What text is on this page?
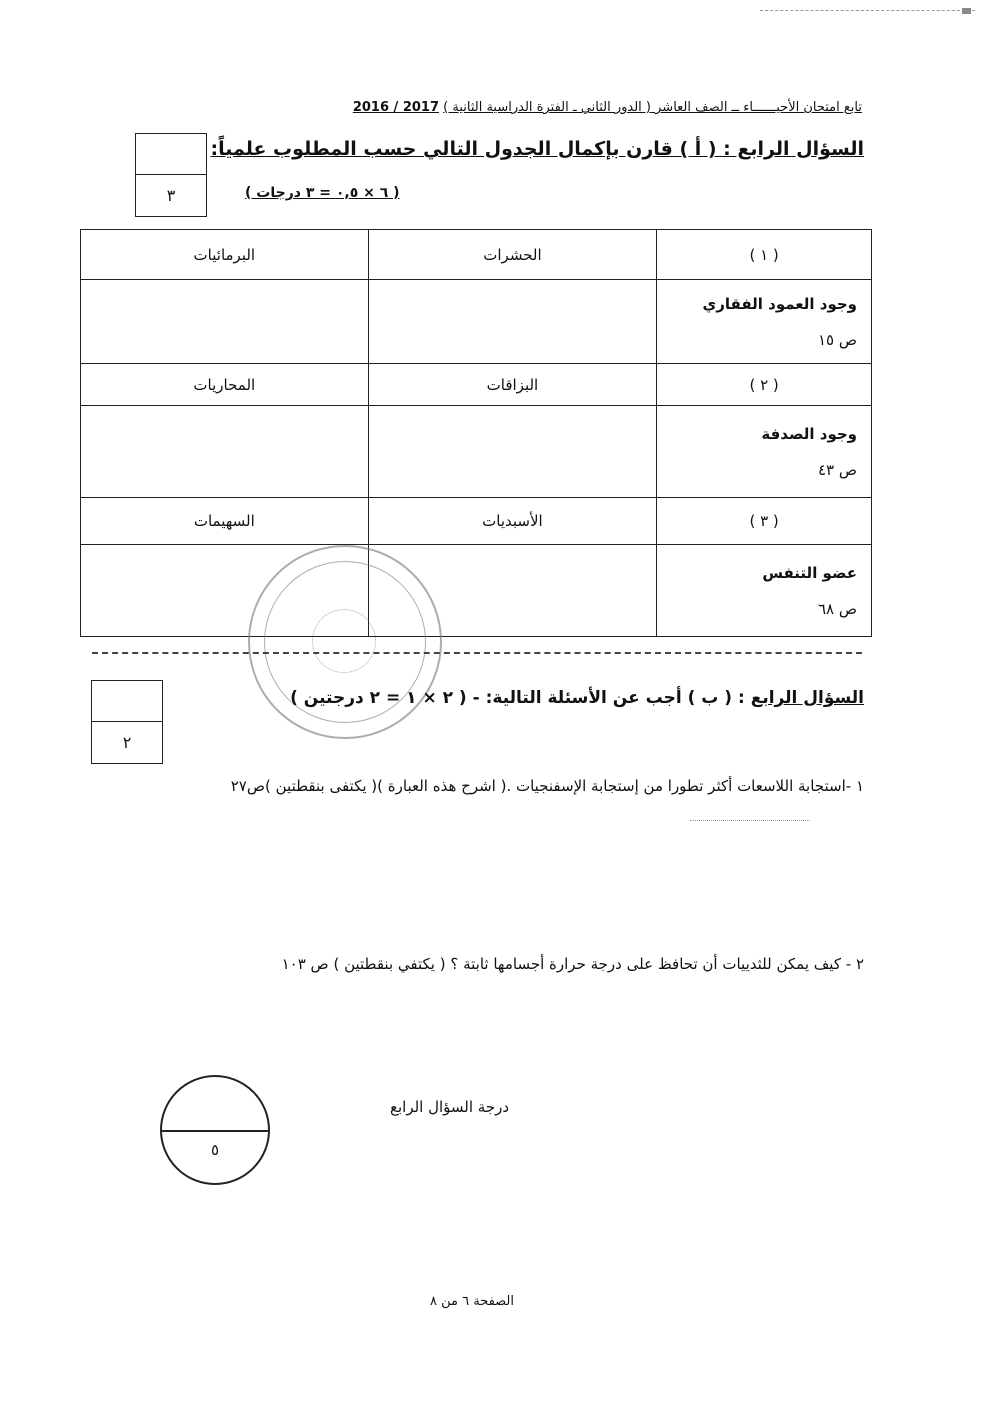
تابع امتحان الأحيــــــاء ــ الصف العاشر ( الدور الثاني ـ الفترة الدراسية الثانية ) 2017 / 2016
٣
السؤال الرابع : ( أ ) قارن بإكمال الجدول التالي حسب المطلوب علمياً:
( ٦ × ٠,٥ = ٣ درجات )
( ١ )	الحشرات	البرمائيات

وجود العمود الفقاري
ص ١٥		

( ٢ )	البزاقات	المحاريات

وجود الصدفة
ص ٤٣		

( ٣ )	الأسبديات	السهيمات

عضو التنفس
ص ٦٨		

٢
السؤال الرابع : ( ب ) أجب عن الأسئلة التالية: - ( ٢ × ١ = ٢ درجتين )
١ -استجابة اللاسعات أكثر تطورا من إستجابة الإسفنجيات .( اشرح هذه العبارة )( يكتفى بنقطتين )ص٢٧
٢ - كيف يمكن للثدييات أن تحافظ على درجة حرارة أجسامها ثابتة ؟ ( يكتفي بنقطتين ) ص ١٠٣
٥
درجة السؤال الرابع
الصفحة ٦ من ٨
